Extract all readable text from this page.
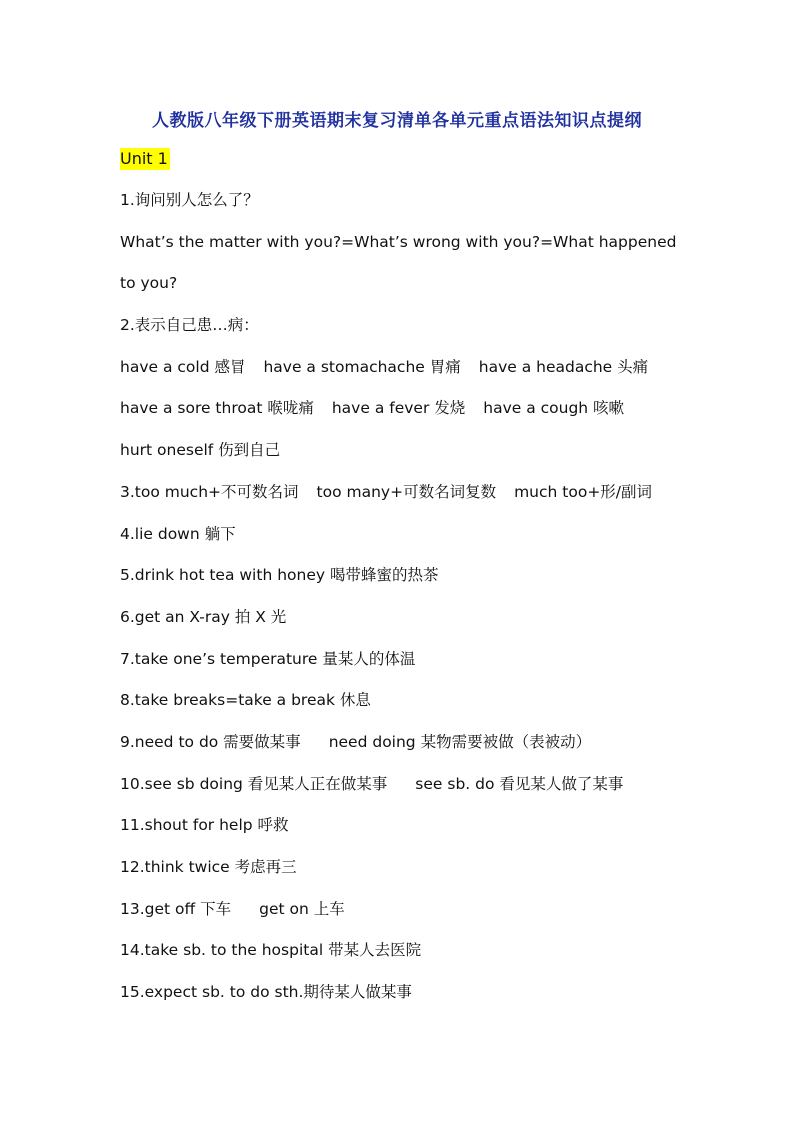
人教版八年级下册英语期末复习清单各单元重点语法知识点提纲
Unit 1
1.询问别人怎么了？
What’s the matter with you?=What’s wrong with you?=What happened
to you?
2.表示自己患…病：
have a cold 感冒 have a stomachache 胃痛 have a headache 头痛
have a sore throat 喉咙痛 have a fever 发烧 have a cough 咳嗽
hurt oneself 伤到自己
3.too much+不可数名词 too many+可数名词复数 much too+形/副词
4.lie down 躺下
5.drink hot tea with honey 喝带蜂蜜的热茶
6.get an X-ray 拍 X 光
7.take one’s temperature 量某人的体温
8.take breaks=take a break 休息
9.need to do 需要做某事 need doing 某物需要被做（表被动）
10.see sb doing 看见某人正在做某事 see sb. do 看见某人做了某事
11.shout for help 呼救
12.think twice 考虑再三
13.get off 下车 get on 上车
14.take sb. to the hospital 带某人去医院
15.expect sb. to do sth.期待某人做某事
